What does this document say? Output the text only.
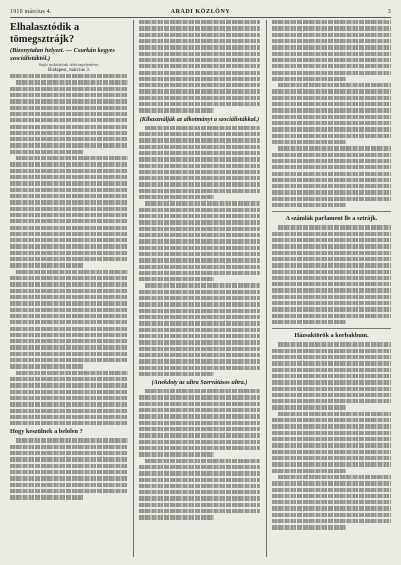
1910 március 4.	ARADI KÖZLÖNY	3
Elhalasztódik a tömegsztrájk?
(Bizonytalan helyzet. — Csurkán kegyes szociálistáktól.)
Saját tudósítónk telefonjelentése.
Budapest, március 3.
Hogy keszülnek a belolen ?
(Kihasználják az alkotmányt a szociálistákkal.)
(Anekdoty az ultra Szervátásos ultra.)
A számlák parlament lle a sztrájk.
Házsaktörök a korbakbum.
